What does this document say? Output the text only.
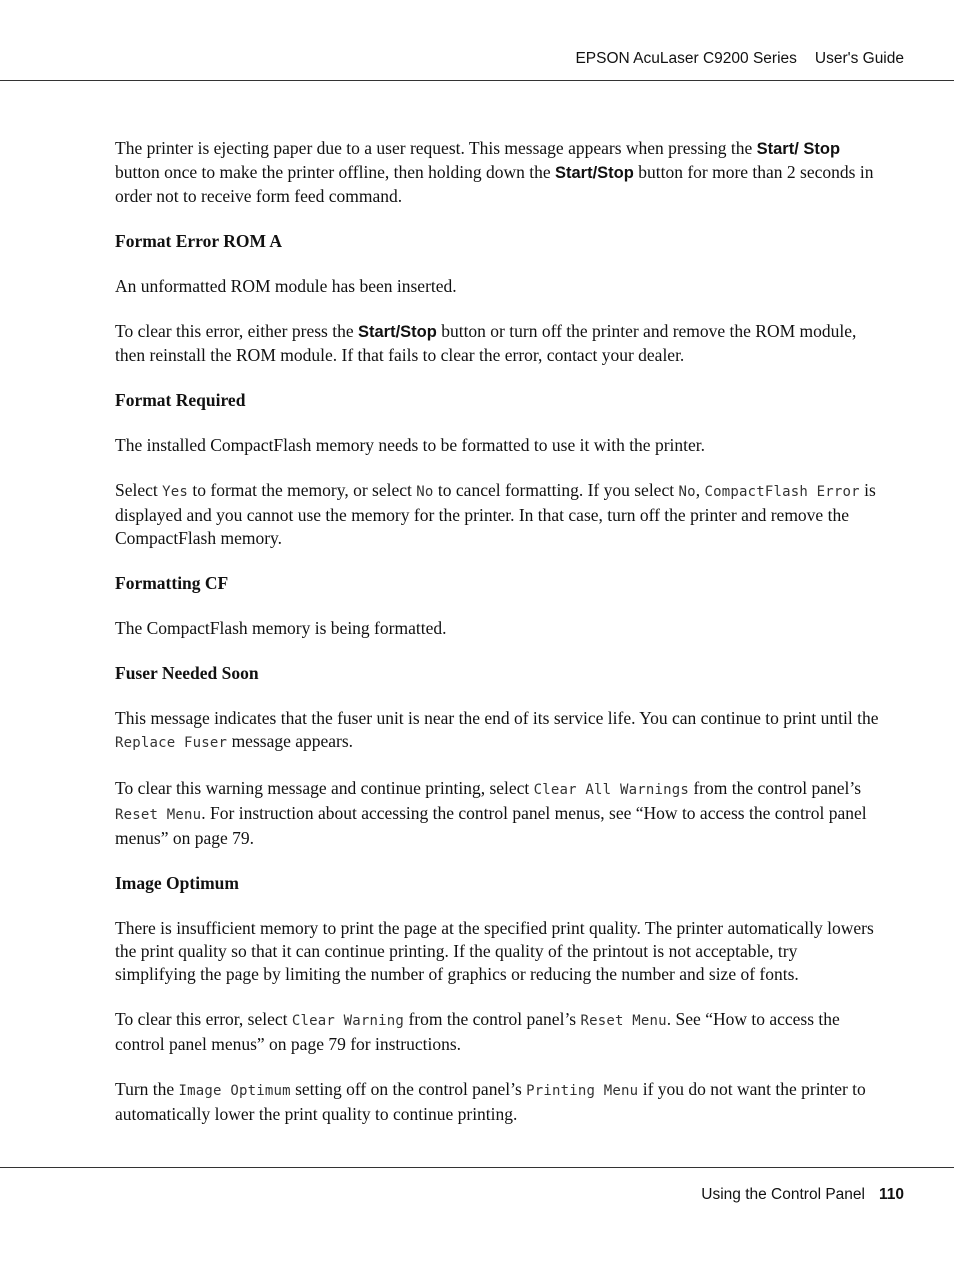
EPSON AcuLaser C9200 Series User's Guide

The printer is ejecting paper due to a user request. This message appears when pressing the Start/ Stop button once to make the printer offline, then holding down the Start/Stop button for more than 2 seconds in order not to receive form feed command.

Format Error ROM A

An unformatted ROM module has been inserted.

To clear this error, either press the Start/Stop button or turn off the printer and remove the ROM module, then reinstall the ROM module. If that fails to clear the error, contact your dealer.

Format Required

The installed CompactFlash memory needs to be formatted to use it with the printer.

Select Yes to format the memory, or select No to cancel formatting. If you select No, CompactFlash Error is displayed and you cannot use the memory for the printer. In that case, turn off the printer and remove the CompactFlash memory.

Formatting CF

The CompactFlash memory is being formatted.

Fuser Needed Soon

This message indicates that the fuser unit is near the end of its service life. You can continue to print until the Replace Fuser message appears.

To clear this warning message and continue printing, select Clear All Warnings from the control panel’s Reset Menu. For instruction about accessing the control panel menus, see “How to access the control panel menus” on page 79.

Image Optimum

There is insufficient memory to print the page at the specified print quality. The printer automatically lowers the print quality so that it can continue printing. If the quality of the printout is not acceptable, try simplifying the page by limiting the number of graphics or reducing the number and size of fonts.

To clear this error, select Clear Warning from the control panel’s Reset Menu. See “How to access the control panel menus” on page 79 for instructions.

Turn the Image Optimum setting off on the control panel’s Printing Menu if you do not want the printer to automatically lower the print quality to continue printing.

Using the Control Panel 110
